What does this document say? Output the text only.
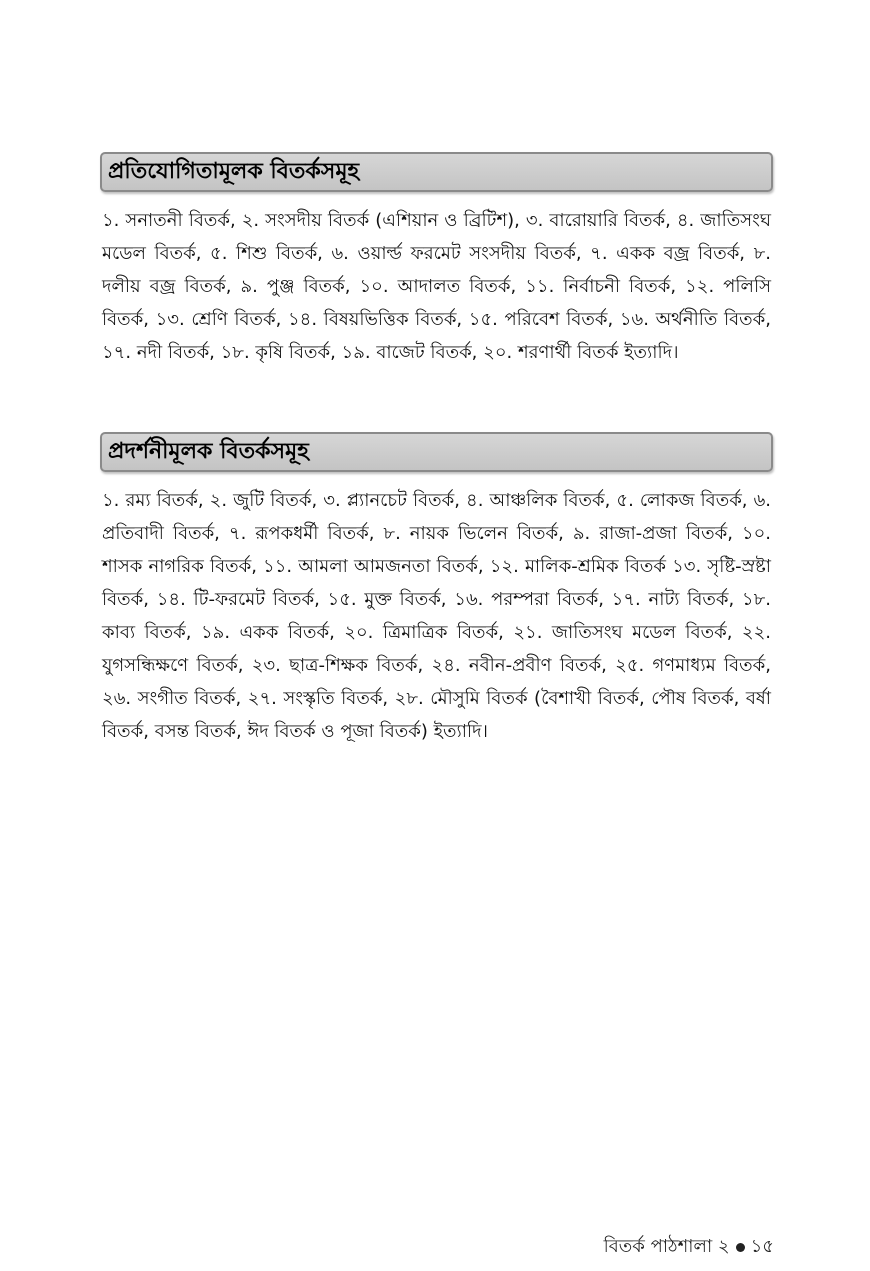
প্রতিযোগিতামূলক বিতর্কসমূহ

১. সনাতনী বিতর্ক, ২. সংসদীয় বিতর্ক (এশিয়ান ও ব্রিটিশ), ৩. বারোয়ারি বিতর্ক, ৪. জাতিসংঘ মডেল বিতর্ক, ৫. শিশু বিতর্ক, ৬. ওয়ার্ল্ড ফরমেট সংসদীয় বিতর্ক, ৭. একক বজ্র বিতর্ক, ৮. দলীয় বজ্র বিতর্ক, ৯. পুঞ্জ বিতর্ক, ১০. আদালত বিতর্ক, ১১. নির্বাচনী বিতর্ক, ১২. পলিসি বিতর্ক, ১৩. শ্রেণি বিতর্ক, ১৪. বিষয়ভিত্তিক বিতর্ক, ১৫. পরিবেশ বিতর্ক, ১৬. অর্থনীতি বিতর্ক, ১৭. নদী বিতর্ক, ১৮. কৃষি বিতর্ক, ১৯. বাজেট বিতর্ক, ২০. শরণার্থী বিতর্ক ইত্যাদি।

প্রদর্শনীমূলক বিতর্কসমূহ

১. রম্য বিতর্ক, ২. জুটি বিতর্ক, ৩. প্ল্যানচেট বিতর্ক, ৪. আঞ্চলিক বিতর্ক, ৫. লোকজ বিতর্ক, ৬. প্রতিবাদী বিতর্ক, ৭. রূপকধর্মী বিতর্ক, ৮. নায়ক ভিলেন বিতর্ক, ৯. রাজা-প্রজা বিতর্ক, ১০. শাসক নাগরিক বিতর্ক, ১১. আমলা আমজনতা বিতর্ক, ১২. মালিক-শ্রমিক বিতর্ক ১৩. সৃষ্টি-স্রষ্টা বিতর্ক, ১৪. টি-ফরমেট বিতর্ক, ১৫. মুক্ত বিতর্ক, ১৬. পরম্পরা বিতর্ক, ১৭. নাট্য বিতর্ক, ১৮. কাব্য বিতর্ক, ১৯. একক বিতর্ক, ২০. ত্রিমাত্রিক বিতর্ক, ২১. জাতিসংঘ মডেল বিতর্ক, ২২. যুগসন্ধিক্ষণে বিতর্ক, ২৩. ছাত্র-শিক্ষক বিতর্ক, ২৪. নবীন-প্রবীণ বিতর্ক, ২৫. গণমাধ্যম বিতর্ক, ২৬. সংগীত বিতর্ক, ২৭. সংস্কৃতি বিতর্ক, ২৮. মৌসুমি বিতর্ক (বৈশাখী বিতর্ক, পৌষ বিতর্ক, বর্ষা বিতর্ক, বসন্ত বিতর্ক, ঈদ বিতর্ক ও পূজা বিতর্ক) ইত্যাদি।

বিতর্ক পাঠশালা ২ ১৫
